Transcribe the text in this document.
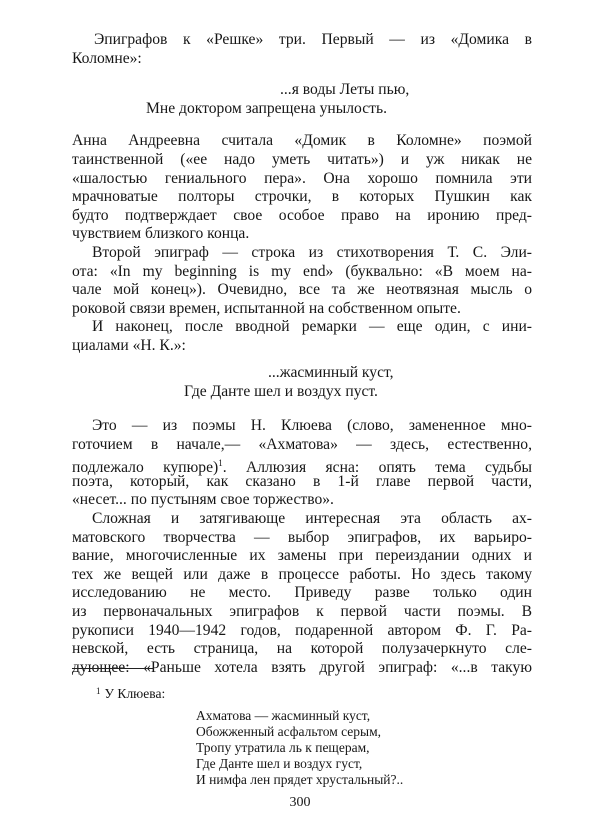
Эпиграфов к «Решке» три. Первый — из «Домика в

Коломне»:

...я воды Леты пью,

Мне доктором запрещена унылость.

Анна Андреевна считала «Домик в Коломне» поэмой

таинственной («ее надо уметь читать») и уж никак не

«шалостью гениального пера». Она хорошо помнила эти

мрачноватые полторы строчки, в которых Пушкин как

будто подтверждает свое особое право на иронию пред-

чувствием близкого конца.

Второй эпиграф — строка из стихотворения Т. С. Эли-

ота: «In my beginning is my end» (буквально: «В моем на-

чале мой конец»). Очевидно, все та же неотвязная мысль о

роковой связи времен, испытанной на собственном опыте.

И наконец, после вводной ремарки — еще один, с ини-

циалами «Н. К.»:

...жасминный куст,

Где Данте шел и воздух пуст.

Это — из поэмы Н. Клюева (слово, замененное мно-

готочием в начале,— «Ахматова» — здесь, естественно,

подлежало купюре)$^1$. Аллюзия ясна: опять тема судьбы

поэта, который, как сказано в 1-й главе первой части,

«несет... по пустыням свое торжество».

Сложная и затягивающе интересная эта область ах-

матовского творчества — выбор эпиграфов, их варьиро-

вание, многочисленные их замены при переиздании одних и

тех же вещей или даже в процессе работы. Но здесь такому

исследованию не место. Приведу разве только один

из первоначальных эпиграфов к первой части поэмы. В

рукописи 1940—1942 годов, подаренной автором Ф. Г. Ра-

невской, есть страница, на которой полузачеркнуто сле-

дующее: «Раньше хотела взять другой эпиграф: «...в такую

$^1$ У Клюева:

Ахматова — жасминный куст,

Обожженный асфальтом серым,

Тропу утратила ль к пещерам,

Где Данте шел и воздух густ,

И нимфа лен прядет хрустальный?..

300
